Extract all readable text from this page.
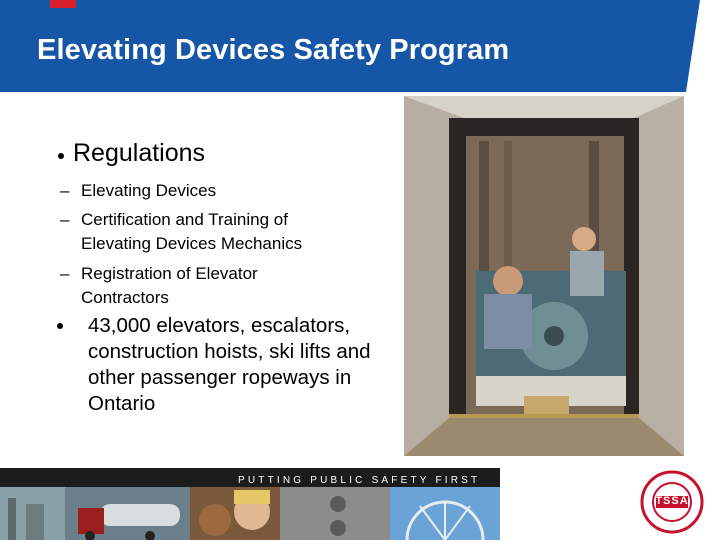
Elevating Devices Safety Program
Regulations
– Elevating Devices
– Certification and Training of Elevating Devices Mechanics
– Registration of Elevator Contractors
43,000 elevators, escalators, construction hoists, ski lifts and other passenger ropeways in Ontario
PUTTING PUBLIC SAFETY FIRST
TSSA
